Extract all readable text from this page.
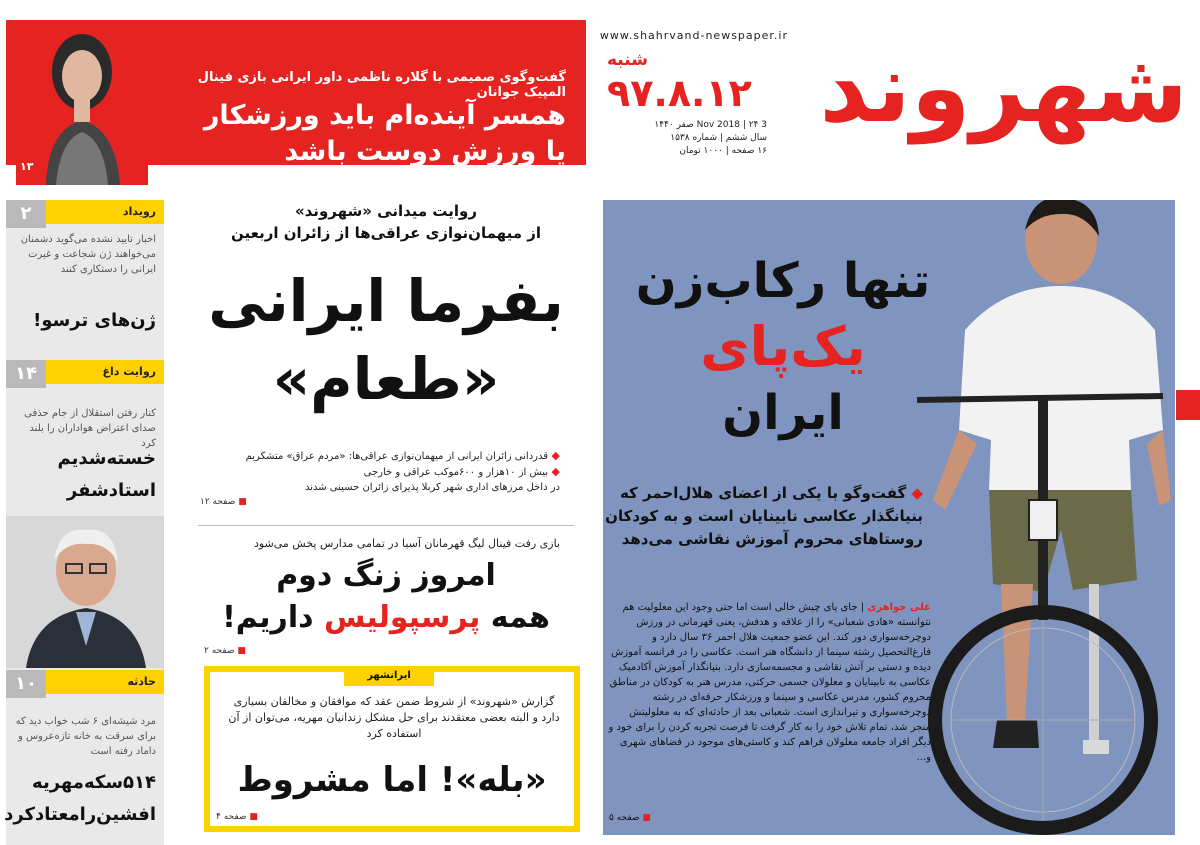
۱۳
گفت‌وگوی صمیمی با گلاره ناظمی داور ایرانی بازی فینال المپیک جوانان
همسر آینده‌ام باید ورزشکار
یا ورزش دوست باشد
www.shahrvand-newspaper.ir شهروند
شنبه
۹۷.۸.۱۲
3 Nov 2018 | ۲۴ صفر ۱۴۴۰
سال ششم | شماره ۱۵۳۸
۱۶ صفحه | ۱۰۰۰ تومان
رویداد
۲
اخبار تایید نشده می‌گوید دشمنان می‌خواهند ژن شجاعت و غیرت ایرانی را دستکاری کنند
ژن‌های ترسو!
روایت داغ
۱۴
کنار رفتن استقلال از جام حذفی صدای اعتراض هواداران را بلند کرد
خسته‌شدیم
استادشفر
حادثه
۱۰
مرد شیشه‌ای ۶ شب خواب دید که برای سرقت به خانه تازه‌عروس و داماد رفته است
۵۱۴سکه‌مهریه
افشین‌را‌معتادکرد
روایت میدانی «شهروند»
از میهمان‌نوازی عراقی‌ها از زائران اربعین
بفرما ایرانی
«طعام»
◆ قدردانی زائران ایرانی از میهمان‌نوازی عراقی‌ها: «مردم عراق» متشکریم
◆ بیش از ۱۰هزار و ۶۰۰موکب عراقی و خارجی
در داخل مرزهای اداری شهر کربلا پذیرای زائران حسینی شدند
■ صفحه ۱۲
بازی رفت فینال لیگ قهرمانان آسیا در تمامی مدارس پخش می‌شود
امروز زنگ دوم
همه پرسپولیس داریم!
■ صفحه ۲
ایرانشهر
گزارش «شهروند» از شروط ضمن عقد که موافقان و مخالفان بسیاری دارد و البته بعضی معتقدند برای حل مشکل زندانیان مهریه، می‌توان از آن استفاده کرد
«بله»! اما مشروط
■ صفحه ۴
تنها رکاب‌زن
یک‌پای
ایران
◆ گفت‌وگو با یکی از اعضای هلال‌احمر که بنیانگذار عکاسی نابینایان است و به کودکان روستاهای محروم آموزش نقاشی می‌دهد
علی جواهری | جای پای چپش خالی است اما حتی وجود این معلولیت هم نتوانسته «هادی شعبانی» را از علاقه و هدفش، یعنی قهرمانی در ورزش دوچرخه‌سواری دور کند. این عضو جمعیت هلال احمر ۳۶ سال دارد و فارغ‌التحصیل رشته سینما از دانشگاه هنر است. عکاسی را در فرانسه آموزش دیده و دستی بر آتش نقاشی و مجسمه‌سازی دارد. بنیانگذار آموزش آکادمیک عکاسی به نابینایان و معلولان جسمی حرکتی، مدرس هنر به کودکان در مناطق محروم کشور، مدرس عکاسی و سینما و ورزشکار حرفه‌ای در رشته دوچرخه‌سواری و تیراندازی است. شعبانی بعد از حادثه‌ای که به معلولیتش منجر شد، تمام تلاش خود را به کار گرفت تا فرصت تجربه کردن را برای خود و دیگر افراد جامعه معلولان فراهم کند و کاستی‌های موجود در فضاهای شهری و...
■ صفحه ۵
